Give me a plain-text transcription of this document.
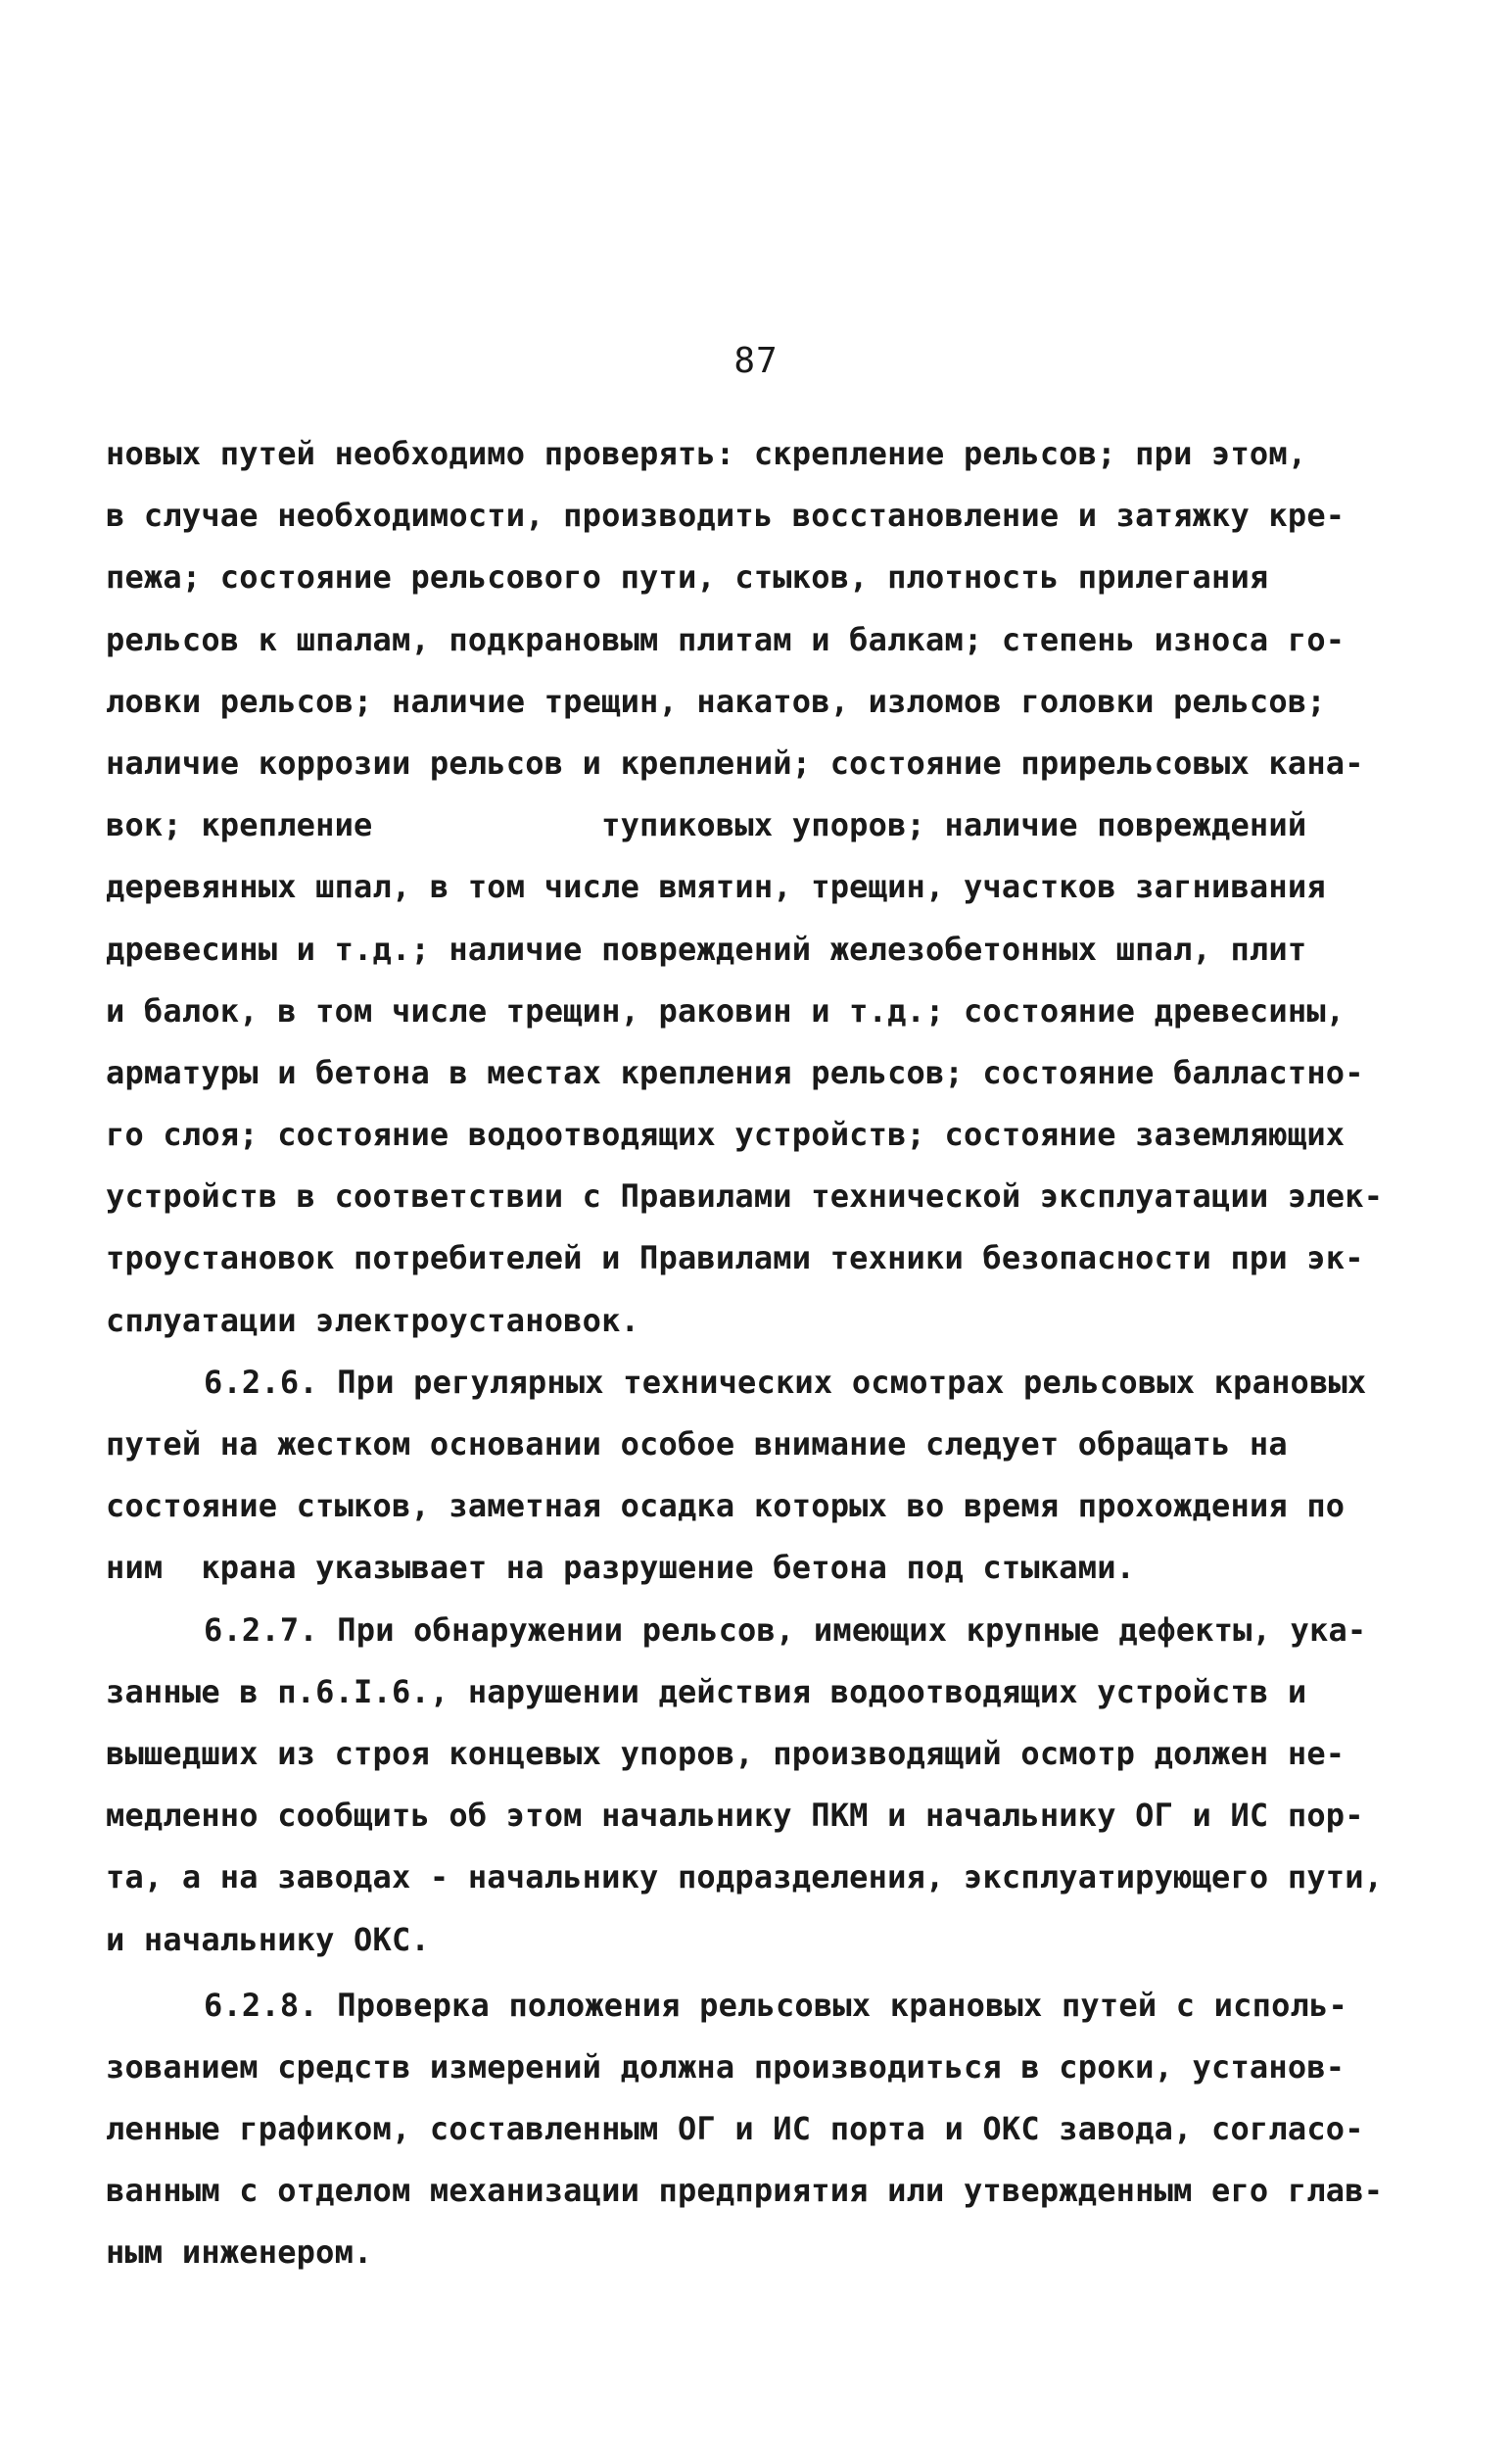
87
новых путей необходимо проверять: скрепление рельсов; при этом,
в случае необходимости, производить восстановление и затяжку кре-
пежа; состояние рельсового пути, стыков, плотность прилегания
рельсов к шпалам, подкрановым плитам и балкам; степень износа го-
ловки рельсов; наличие трещин, накатов, изломов головки рельсов;
наличие коррозии рельсов и креплений; состояние прирельсовых кана-
вок; крепление            тупиковых упоров; наличие повреждений
деревянных шпал, в том числе вмятин, трещин, участков загнивания
древесины и т.д.; наличие повреждений железобетонных шпал, плит
и балок, в том числе трещин, раковин и т.д.; состояние древесины,
арматуры и бетона в местах крепления рельсов; состояние балластно-
го слоя; состояние водоотводящих устройств; состояние заземляющих
устройств в соответствии с Правилами технической эксплуатации элек-
троустановок потребителей и Правилами техники безопасности при эк-
сплуатации электроустановок.
6.2.6. При регулярных технических осмотрах рельсовых крановых
путей на жестком основании особое внимание следует обращать на
состояние стыков, заметная осадка которых во время прохождения по
ним  крана указывает на разрушение бетона под стыками.
6.2.7. При обнаружении рельсов, имеющих крупные дефекты, ука-
занные в п.6.I.6., нарушении действия водоотводящих устройств и
вышедших из строя концевых упоров, производящий осмотр должен не-
медленно сообщить об этом начальнику ПКМ и начальнику ОГ и ИС пор-
та, а на заводах - начальнику подразделения, эксплуатирующего пути,
и начальнику ОКС.
6.2.8. Проверка положения рельсовых крановых путей с исполь-
зованием средств измерений должна производиться в сроки, установ-
ленные графиком, составленным ОГ и ИС порта и ОКС завода, согласо-
ванным с отделом механизации предприятия или утвержденным его глав-
ным инженером.
